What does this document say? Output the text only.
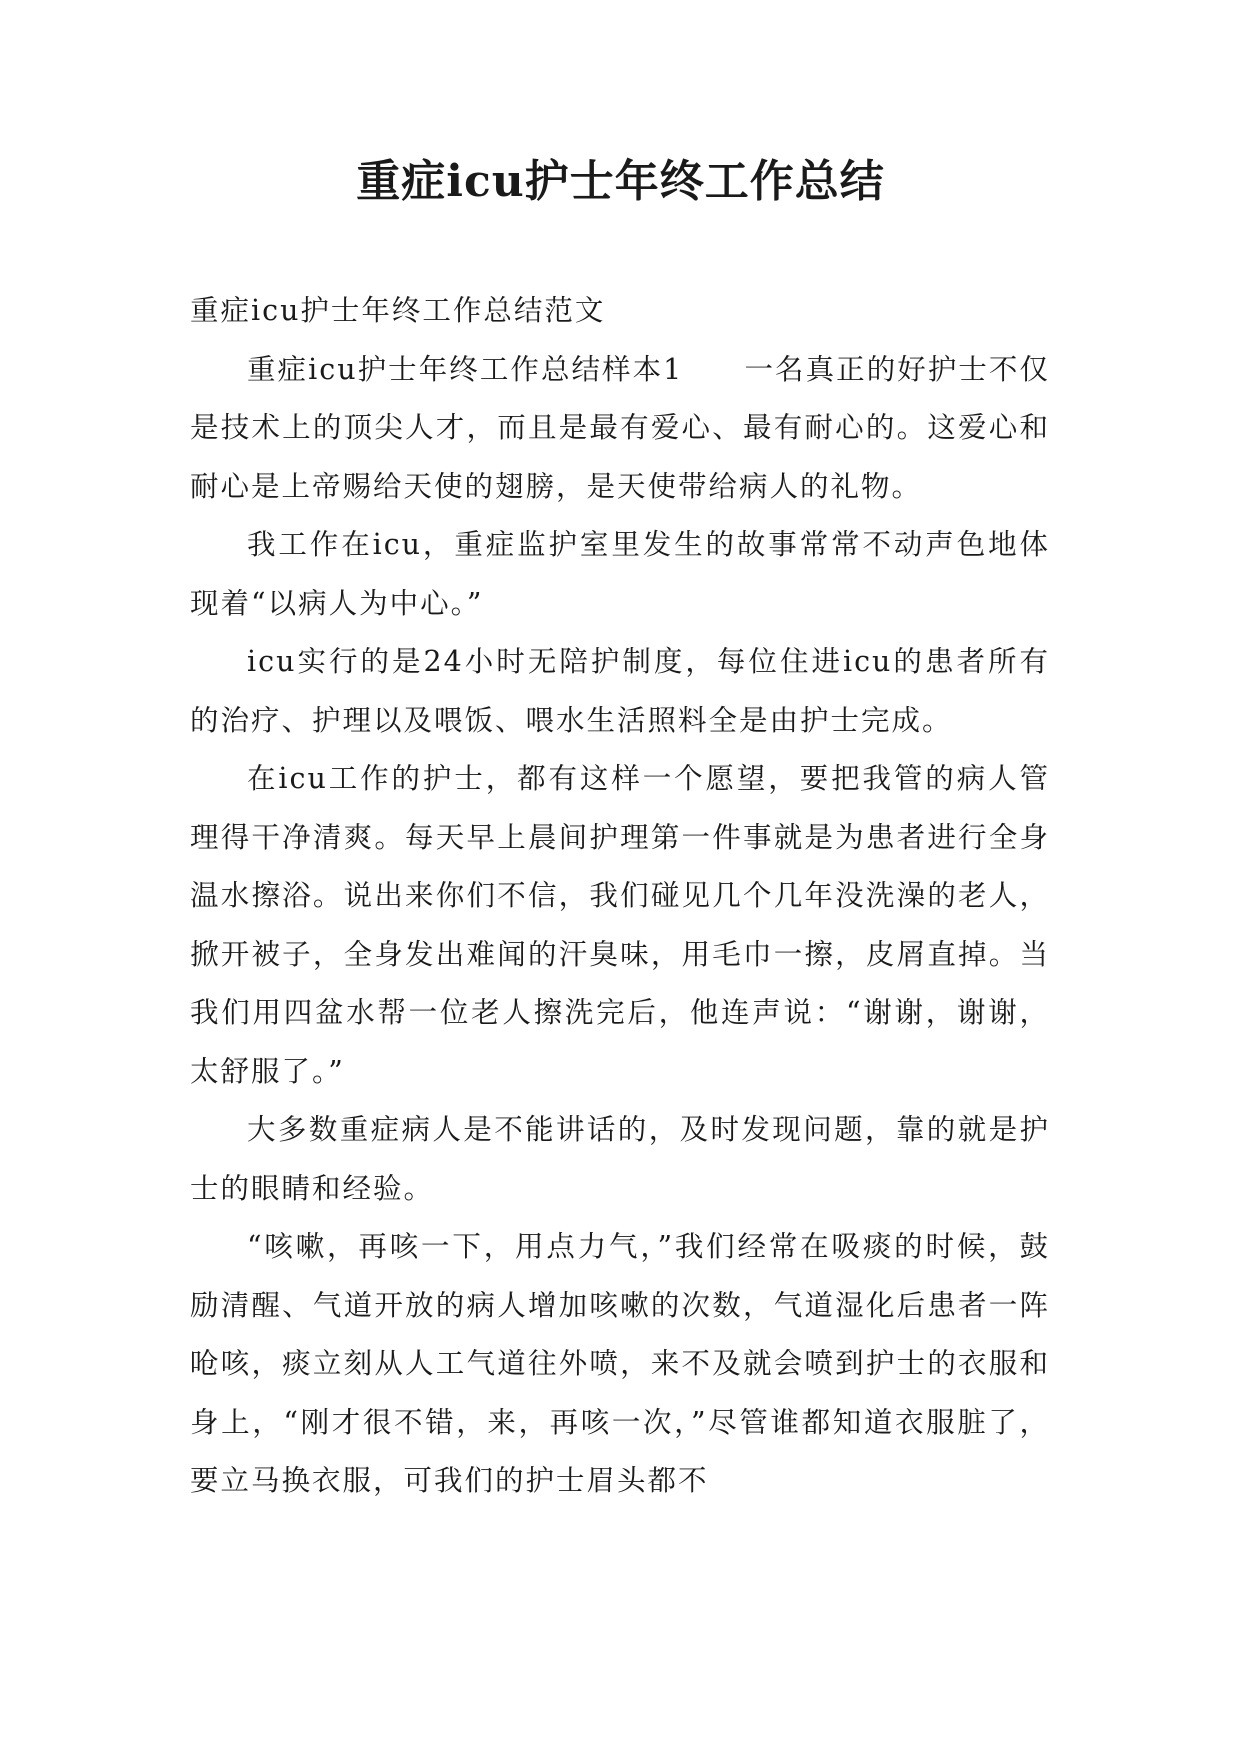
重症icu护士年终工作总结

重症icu护士年终工作总结范文

重症icu护士年终工作总结样本1　　一名真正的好护士不仅是技术上的顶尖人才，而且是最有爱心、最有耐心的。这爱心和耐心是上帝赐给天使的翅膀，是天使带给病人的礼物。

我工作在icu，重症监护室里发生的故事常常不动声色地体现着“以病人为中心。”

icu实行的是24小时无陪护制度，每位住进icu的患者所有的治疗、护理以及喂饭、喂水生活照料全是由护士完成。

在icu工作的护士，都有这样一个愿望，要把我管的病人管理得干净清爽。每天早上晨间护理第一件事就是为患者进行全身温水擦浴。说出来你们不信，我们碰见几个几年没洗澡的老人，掀开被子，全身发出难闻的汗臭味，用毛巾一擦，皮屑直掉。当我们用四盆水帮一位老人擦洗完后，他连声说：“谢谢，谢谢，太舒服了。”

大多数重症病人是不能讲话的，及时发现问题，靠的就是护士的眼睛和经验。

“咳嗽，再咳一下，用点力气，”我们经常在吸痰的时候，鼓励清醒、气道开放的病人增加咳嗽的次数，气道湿化后患者一阵呛咳，痰立刻从人工气道往外喷，来不及就会喷到护士的衣服和身上，“刚才很不错，来，再咳一次，”尽管谁都知道衣服脏了，要立马换衣服，可我们的护士眉头都不
